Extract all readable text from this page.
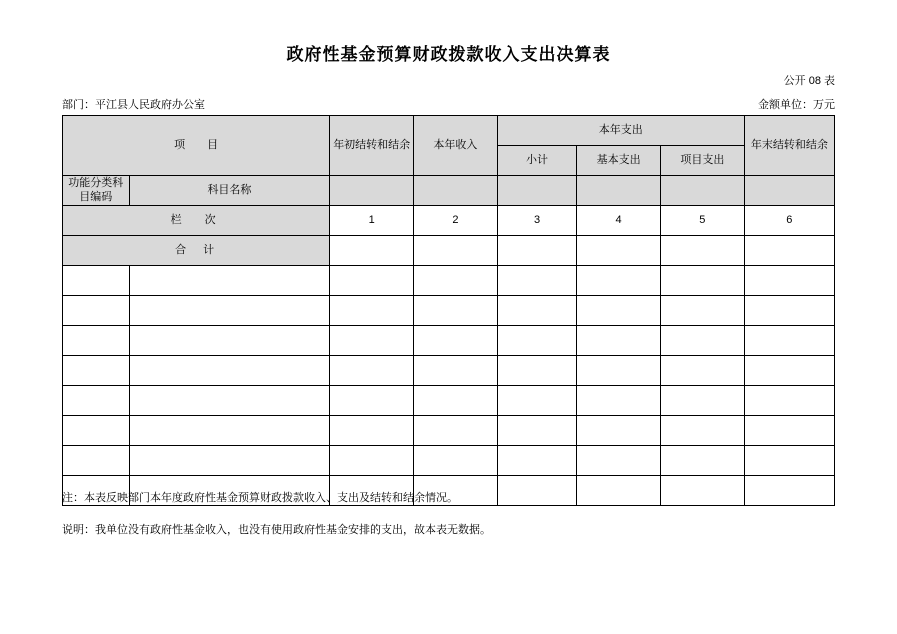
政府性基金预算财政拨款收入支出决算表
公开 08 表
部门：平江县人民政府办公室	金额单位：万元
项　　目		年初结转和结余	本年收入	本年支出			年末结转和结余
				小计	基本支出	项目支出	
功能分类科目编码	科目名称						
栏　次		1	2	3	4	5	6
合　计							

注：本表反映部门本年度政府性基金预算财政拨款收入、支出及结转和结余情况。
说明：我单位没有政府性基金收入，也没有使用政府性基金安排的支出，故本表无数据。
